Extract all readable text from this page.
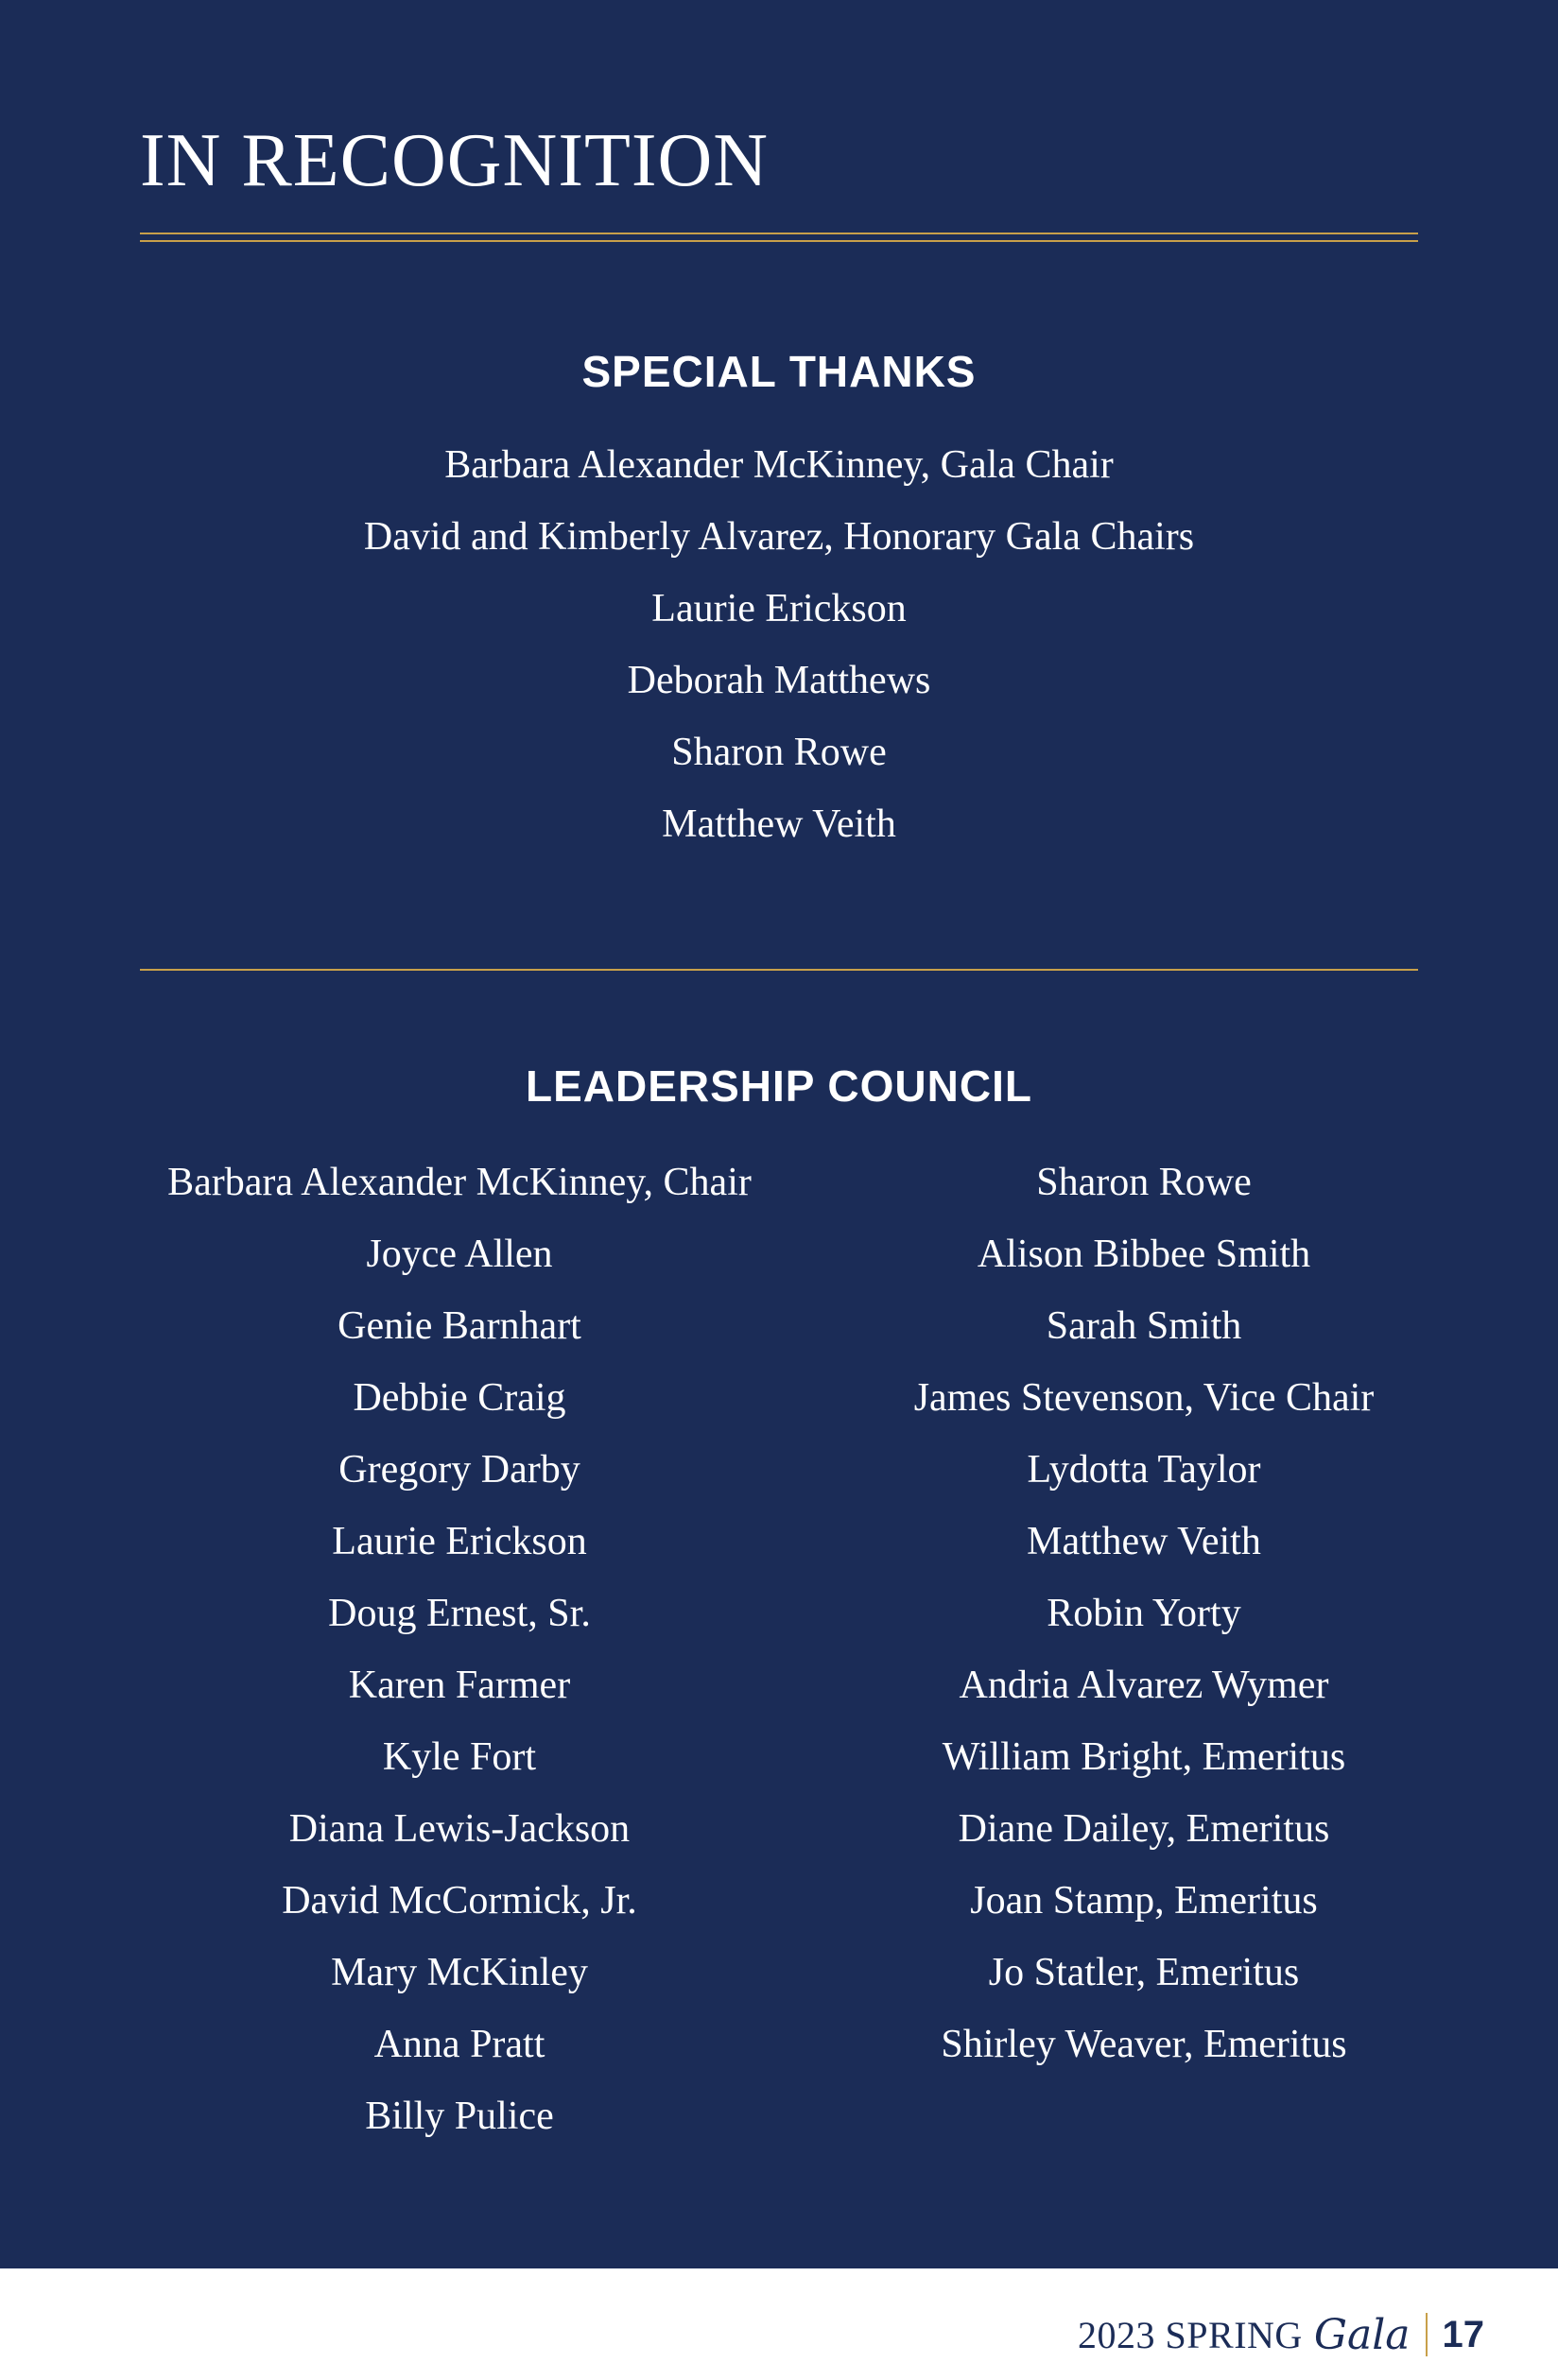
IN RECOGNITION
SPECIAL THANKS
Barbara Alexander McKinney, Gala Chair
David and Kimberly Alvarez, Honorary Gala Chairs
Laurie Erickson
Deborah Matthews
Sharon Rowe
Matthew Veith
LEADERSHIP COUNCIL
Barbara Alexander McKinney, Chair
Joyce Allen
Genie Barnhart
Debbie Craig
Gregory Darby
Laurie Erickson
Doug Ernest, Sr.
Karen Farmer
Kyle Fort
Diana Lewis-Jackson
David McCormick, Jr.
Mary McKinley
Anna Pratt
Billy Pulice
Sharon Rowe
Alison Bibbee Smith
Sarah Smith
James Stevenson, Vice Chair
Lydotta Taylor
Matthew Veith
Robin Yorty
Andria Alvarez Wymer
William Bright, Emeritus
Diane Dailey, Emeritus
Joan Stamp, Emeritus
Jo Statler, Emeritus
Shirley Weaver, Emeritus
2023 SPRING Gala 17
